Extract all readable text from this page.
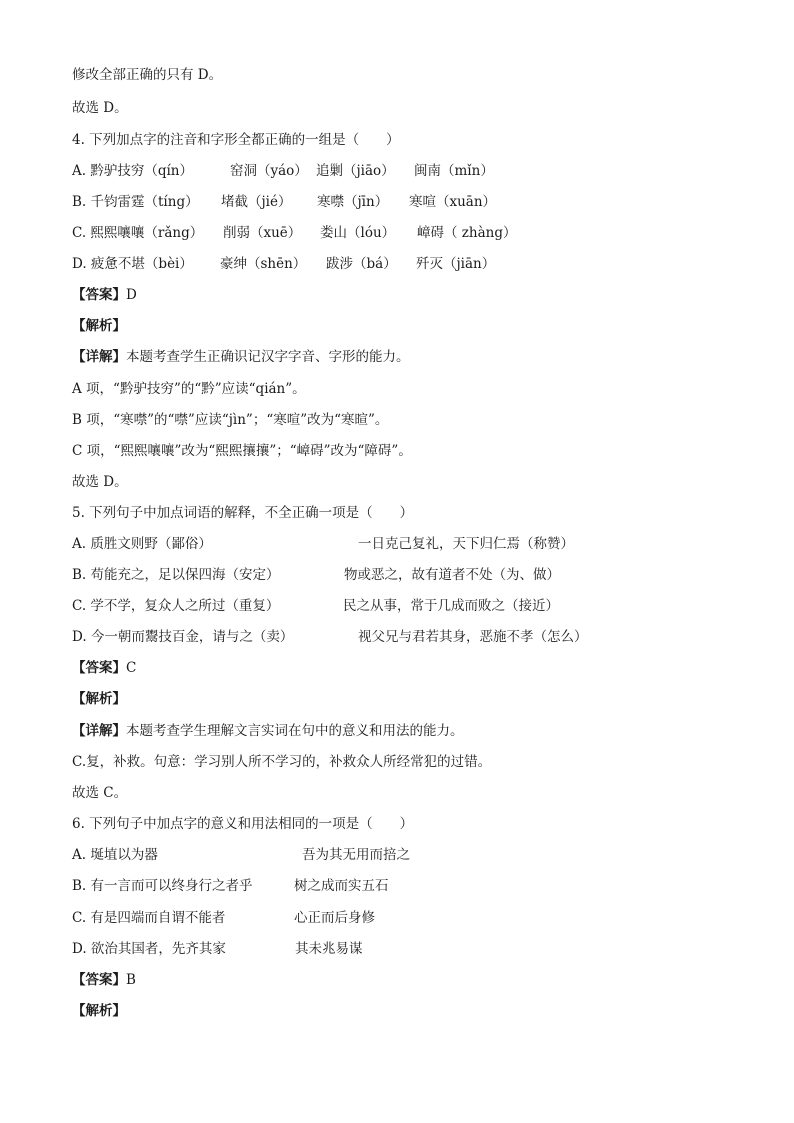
修改全部正确的只有 D。
故选 D。
4. 下列加点字的注音和字形全都正确的一组是（　　）
A. 黔驴技穷（qín）	窑洞（yáo） 追剿（jiāo） 闽南（mǐn）
B. 千钧雷霆（tíng） 堵截（jié） 寒噤（jīn） 寒喧（xuān）
C. 熙熙嚷嚷（rǎng） 削弱（xuē） 娄山（lóu） 嶂碍（ zhàng）
D. 疲惫不堪（bèi） 豪绅（shēn） 跋涉（bá） 歼灭（jiān）
【答案】D
【解析】
【详解】本题考查学生正确识记汉字字音、字形的能力。
A 项，“黔驴技穷”的“黔”应读“qián”。
B 项，“寒噤”的“噤”应读“jìn”；“寒喧”改为“寒暄”。
C 项，“熙熙嚷嚷”改为“熙熙攘攘”；“嶂碍”改为“障碍”。
故选 D。
5. 下列句子中加点词语的解释，不全正确一项是（　　）
A. 质胜文则野（鄙俗）	一日克己复礼，天下归仁焉（称赞）
B. 苟能充之，足以保四海（安定）	物或恶之，故有道者不处（为、做）
C. 学不学，复众人之所过（重复）	民之从事，常于几成而败之（接近）
D. 今一朝而鬻技百金，请与之（卖）	视父兄与君若其身，恶施不孝（怎么）
【答案】C
【解析】
【详解】本题考查学生理解文言实词在句中的意义和用法的能力。
C.复，补救。句意：学习别人所不学习的，补救众人所经常犯的过错。
故选 C。
6. 下列句子中加点字的意义和用法相同的一项是（　　）
A. 埏埴以为器	吾为其无用而掊之
B. 有一言而可以终身行之者乎	树之成而实五石
C. 有是四端而自谓不能者	心正而后身修
D. 欲治其国者，先齐其家	其未兆易谋
【答案】B
【解析】
